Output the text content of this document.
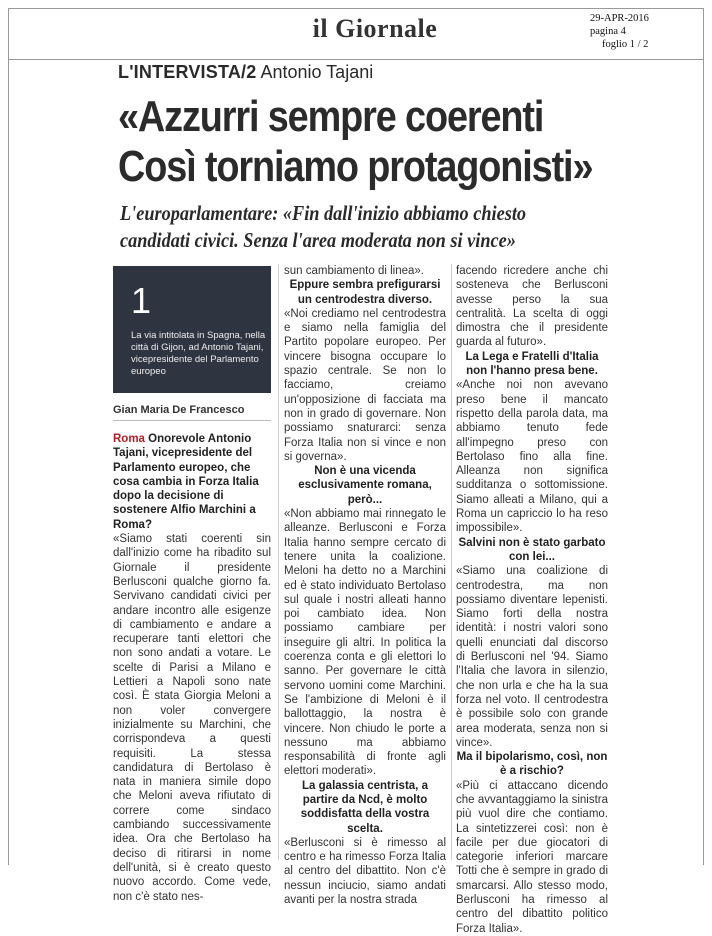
il Giornale	29-APR-2016
pagina 4
foglio 1 / 2
L'INTERVISTA/2 Antonio Tajani
«Azzurri sempre coerenti
Così torniamo protagonisti»
L'europarlamentare: «Fin dall'inizio abbiamo chiesto
candidati civici. Senza l'area moderata non si vince»
1
La via intitolata in Spagna, nella città di Gijon, ad Antonio Tajani, vicepresidente del Parlamento europeo
Gian Maria De Francesco

Roma Onorevole Antonio Tajani, vicepresidente del Parlamento europeo, che cosa cambia in Forza Italia dopo la decisione di sostenere Alfio Marchini a Roma?

«Siamo stati coerenti sin dall'inizio come ha ribadito sul Giornale il presidente Berlusconi qualche giorno fa. Servivano candidati civici per andare incontro alle esigenze di cambiamento e andare a recuperare tanti elettori che non sono andati a votare. Le scelte di Parisi a Milano e Lettieri a Napoli sono nate così. È stata Giorgia Meloni a non voler convergere inizialmente su Marchini, che corrispondeva a questi requisiti. La stessa candidatura di Bertolaso è nata in maniera simile dopo che Meloni aveva rifiutato di correre come sindaco cambiando successivamente idea. Ora che Bertolaso ha deciso di ritirarsi in nome dell'unità, si è creato questo nuovo accordo. Come vede, non c'è stato nes-

sun cambiamento di linea».

Eppure sembra prefigurarsi un centrodestra diverso.

«Noi crediamo nel centrodestra e siamo nella famiglia del Partito popolare europeo. Per vincere bisogna occupare lo spazio centrale. Se non lo facciamo, creiamo un'opposizione di facciata ma non in grado di governare. Non possiamo snaturarci: senza Forza Italia non si vince e non si governa».

Non è una vicenda esclusivamente romana, però...

«Non abbiamo mai rinnegato le alleanze. Berlusconi e Forza Italia hanno sempre cercato di tenere unita la coalizione. Meloni ha detto no a Marchini ed è stato individuato Bertolaso sul quale i nostri alleati hanno poi cambiato idea. Non possiamo cambiare per inseguire gli altri. In politica la coerenza conta e gli elettori lo sanno. Per governare le città servono uomini come Marchini. Se l'ambizione di Meloni è il ballottaggio, la nostra è vincere. Non chiudo le porte a nessuno ma abbiamo responsabilità di fronte agli elettori moderati».

La galassia centrista, a partire da Ncd, è molto soddisfatta della vostra scelta.

«Berlusconi si è rimesso al centro e ha rimesso Forza Italia al centro del dibattito. Non c'è nessun inciucio, siamo andati avanti per la nostra strada

facendo ricredere anche chi sosteneva che Berlusconi avesse perso la sua centralità. La scelta di oggi dimostra che il presidente guarda al futuro».

La Lega e Fratelli d'Italia non l'hanno presa bene.

«Anche noi non avevano preso bene il mancato rispetto della parola data, ma abbiamo tenuto fede all'impegno preso con Bertolaso fino alla fine. Alleanza non significa sudditanza o sottomissione. Siamo alleati a Milano, qui a Roma un capriccio lo ha reso impossibile».

Salvini non è stato garbato con lei...

«Siamo una coalizione di centrodestra, ma non possiamo diventare lepenisti. Siamo forti della nostra identità: i nostri valori sono quelli enunciati dal discorso di Berlusconi nel '94. Siamo l'Italia che lavora in silenzio, che non urla e che ha la sua forza nel voto. Il centrodestra è possibile solo con grande area moderata, senza non si vince».

Ma il bipolarismo, così, non è a rischio?

«Più ci attaccano dicendo che avvantaggiamo la sinistra più vuol dire che contiamo. La sintetizzerei così: non è facile per due giocatori di categorie inferiori marcare Totti che è sempre in grado di smarcarsi. Allo stesso modo, Berlusconi ha rimesso al centro del dibattito politico Forza Italia».
